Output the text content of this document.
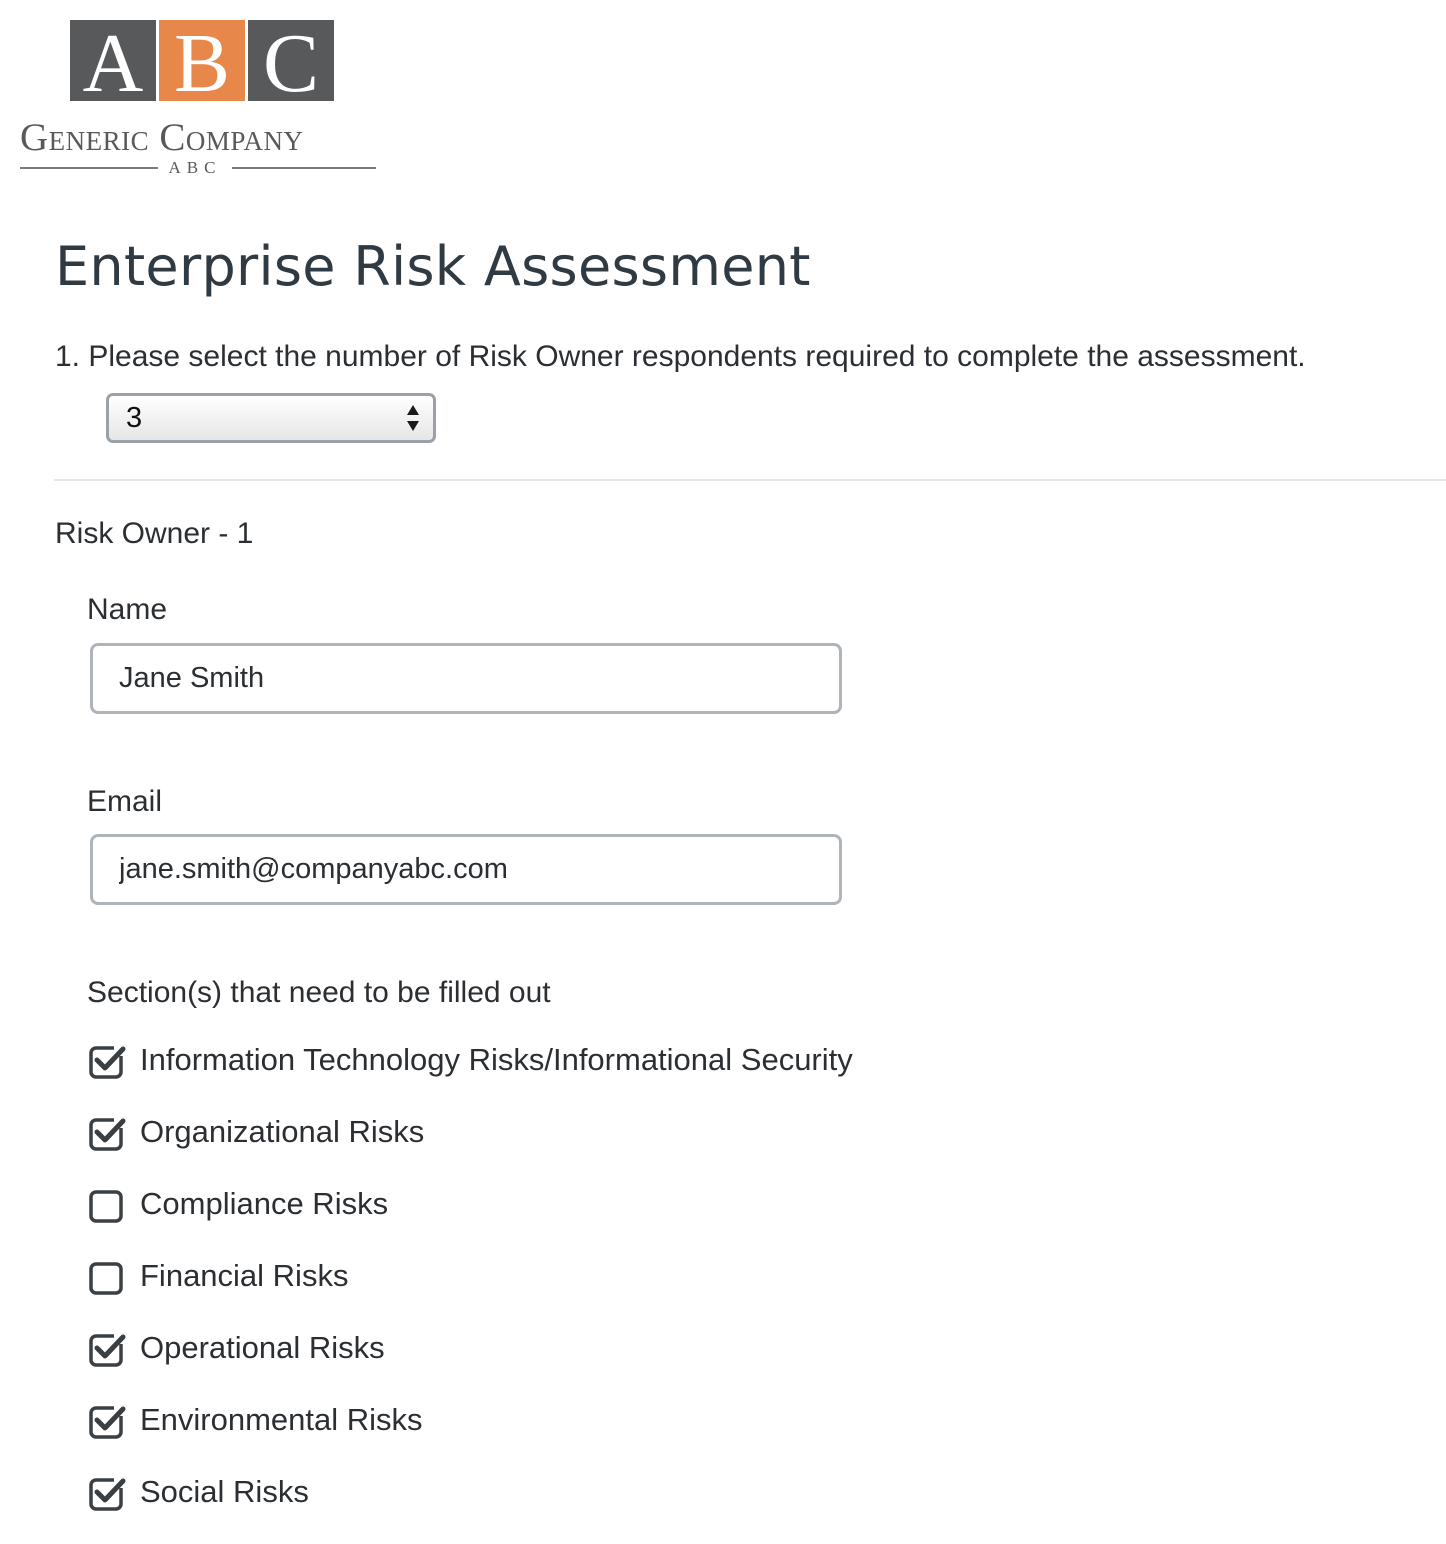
A B C
Generic Company
ABC
Enterprise Risk Assessment
1. Please select the number of Risk Owner respondents required to complete the assessment.
3
Risk Owner - 1
Name
Jane Smith
Email
jane.smith@companyabc.com
Section(s) that need to be filled out
Information Technology Risks/Informational Security
Organizational Risks
Compliance Risks
Financial Risks
Operational Risks
Environmental Risks
Social Risks
